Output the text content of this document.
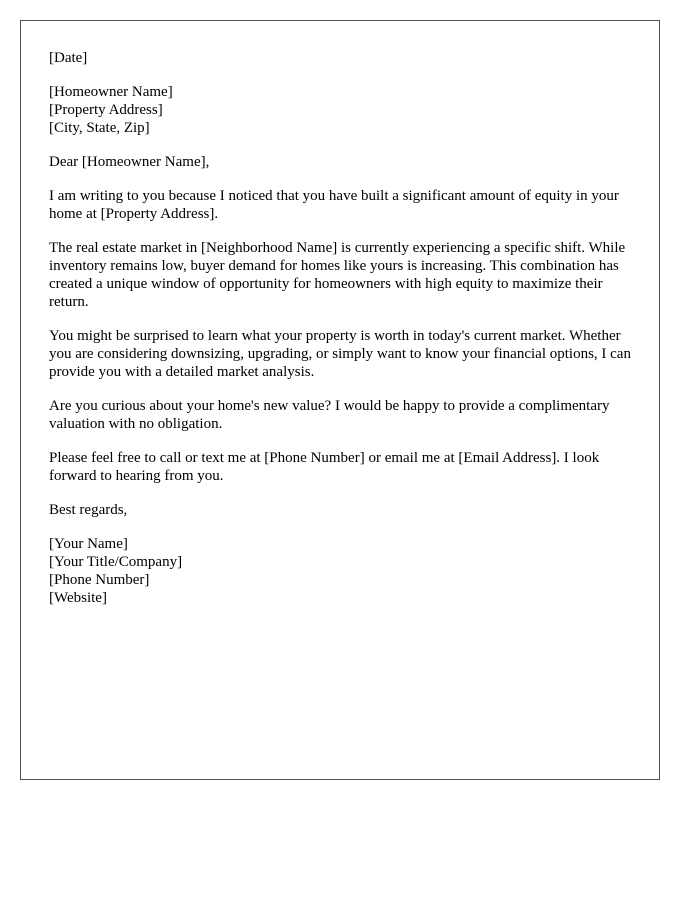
[Date]

[Homeowner Name]
[Property Address]
[City, State, Zip]

Dear [Homeowner Name],

I am writing to you because I noticed that you have built a significant amount of equity in your home at [Property Address].

The real estate market in [Neighborhood Name] is currently experiencing a specific shift. While inventory remains low, buyer demand for homes like yours is increasing. This combination has created a unique window of opportunity for homeowners with high equity to maximize their return.

You might be surprised to learn what your property is worth in today's current market. Whether you are considering downsizing, upgrading, or simply want to know your financial options, I can provide you with a detailed market analysis.

Are you curious about your home's new value? I would be happy to provide a complimentary valuation with no obligation.

Please feel free to call or text me at [Phone Number] or email me at [Email Address]. I look forward to hearing from you.

Best regards,

[Your Name]
[Your Title/Company]
[Phone Number]
[Website]
